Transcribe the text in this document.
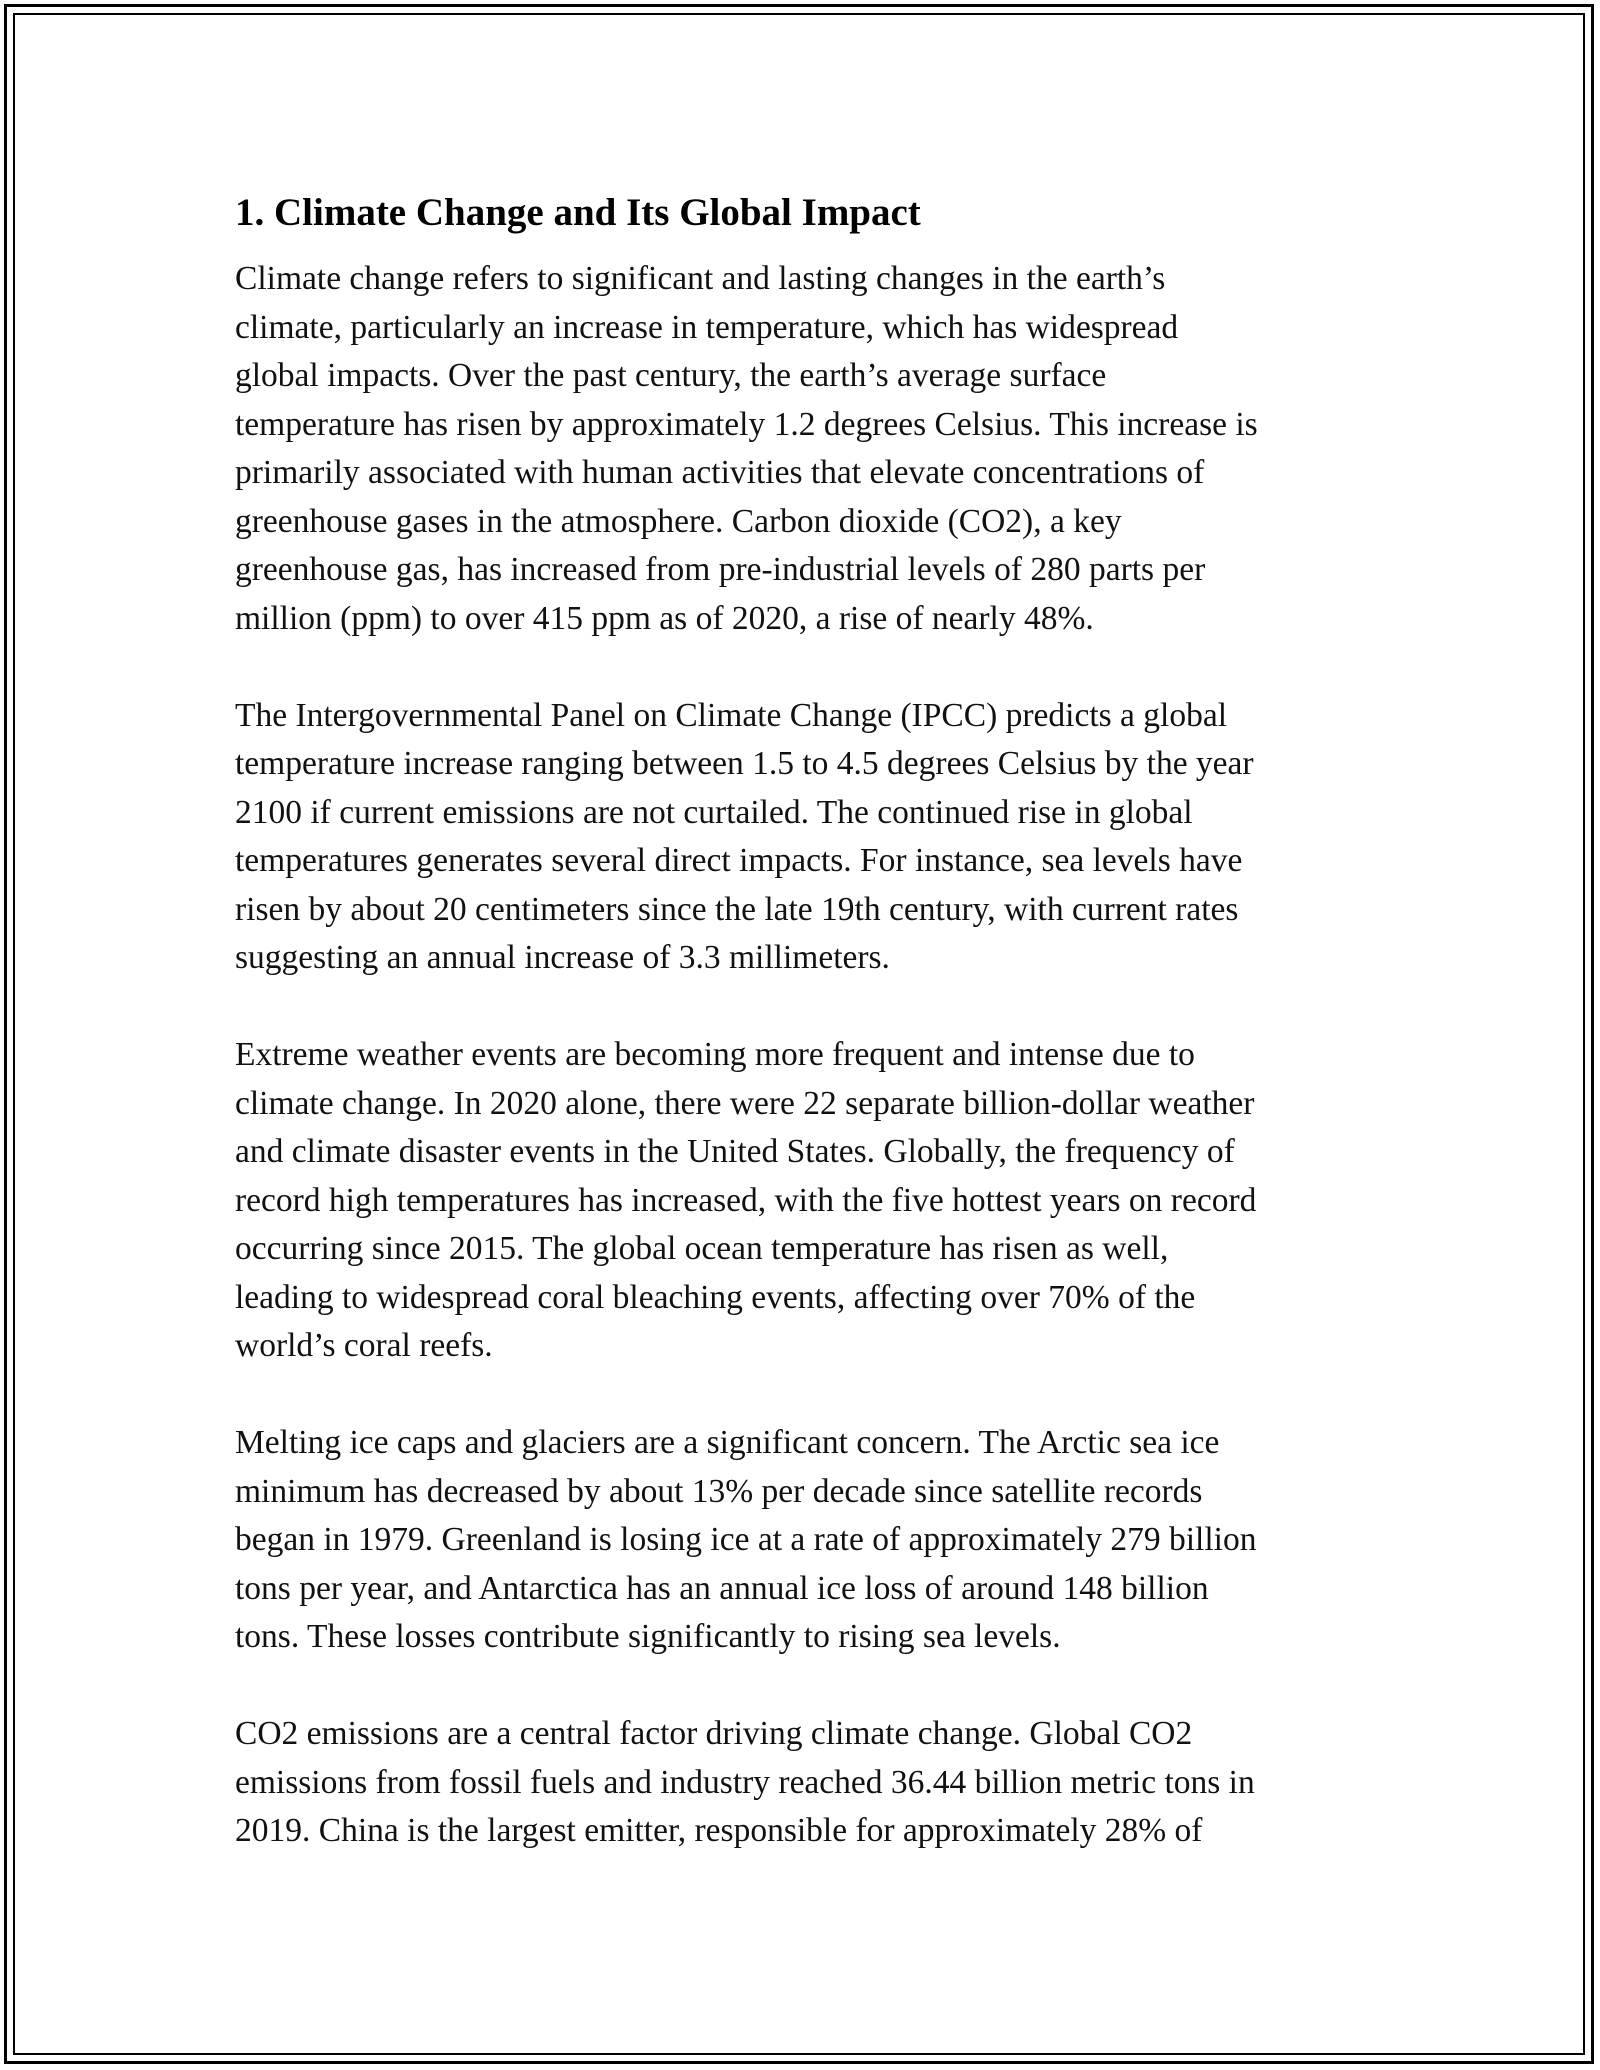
1. Climate Change and Its Global Impact
Climate change refers to significant and lasting changes in the earth’s
climate, particularly an increase in temperature, which has widespread
global impacts. Over the past century, the earth’s average surface
temperature has risen by approximately 1.2 degrees Celsius. This increase is
primarily associated with human activities that elevate concentrations of
greenhouse gases in the atmosphere. Carbon dioxide (CO2), a key
greenhouse gas, has increased from pre-industrial levels of 280 parts per
million (ppm) to over 415 ppm as of 2020, a rise of nearly 48%.
The Intergovernmental Panel on Climate Change (IPCC) predicts a global
temperature increase ranging between 1.5 to 4.5 degrees Celsius by the year
2100 if current emissions are not curtailed. The continued rise in global
temperatures generates several direct impacts. For instance, sea levels have
risen by about 20 centimeters since the late 19th century, with current rates
suggesting an annual increase of 3.3 millimeters.
Extreme weather events are becoming more frequent and intense due to
climate change. In 2020 alone, there were 22 separate billion-dollar weather
and climate disaster events in the United States. Globally, the frequency of
record high temperatures has increased, with the five hottest years on record
occurring since 2015. The global ocean temperature has risen as well,
leading to widespread coral bleaching events, affecting over 70% of the
world’s coral reefs.
Melting ice caps and glaciers are a significant concern. The Arctic sea ice
minimum has decreased by about 13% per decade since satellite records
began in 1979. Greenland is losing ice at a rate of approximately 279 billion
tons per year, and Antarctica has an annual ice loss of around 148 billion
tons. These losses contribute significantly to rising sea levels.
CO2 emissions are a central factor driving climate change. Global CO2
emissions from fossil fuels and industry reached 36.44 billion metric tons in
2019. China is the largest emitter, responsible for approximately 28% of
